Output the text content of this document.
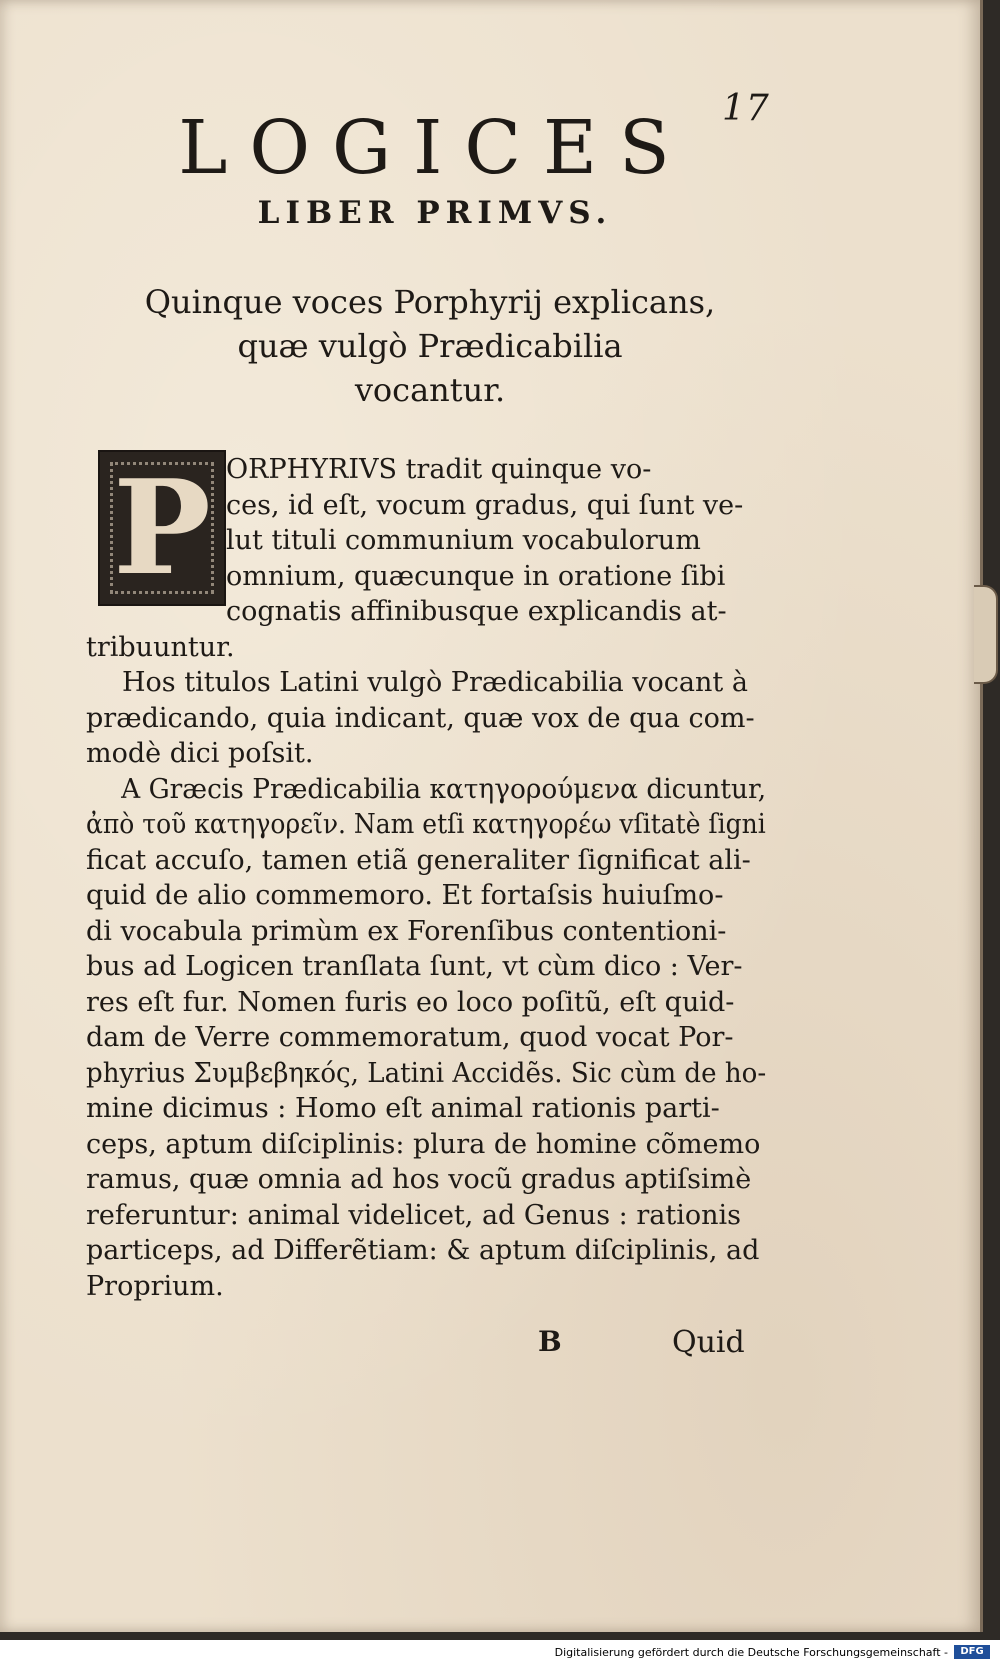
17
LOGICES
LIBER PRIMVS.
Quinque voces Porphyrij explicans,
quæ vulgò Prædicabilia
vocantur.
P ORPHYRIVS tradit quinque vo-
ces, id eſt, vocum gradus, qui ſunt ve-
lut tituli communium vocabulorum
omnium, quæcunque in oratione ſibi
cognatis affinibusque explicandis at-
tribuuntur.
Hos titulos Latini vulgò Prædicabilia vocant à
prædicando, quia indicant, quæ vox de qua com-
modè dici poſsit.
A Græcis Prædicabilia κατηγορούμενα dicuntur,
ἀπὸ τοῦ κατηγορεῖν. Nam etſi κατηγορέω vſitatè ſigni
ficat accuſo, tamen etiã generaliter ſignificat ali-
quid de alio commemoro. Et fortaſsis huiuſmo-
di vocabula primùm ex Forenſibus contentioni-
bus ad Logicen tranſlata ſunt, vt cùm dico : Ver-
res eſt fur. Nomen furis eo loco poſitũ, eſt quid-
dam de Verre commemoratum, quod vocat Por-
phyrius Συμβεβηκός, Latini Accidẽs. Sic cùm de ho-
mine dicimus : Homo eſt animal rationis parti-
ceps, aptum diſciplinis: plura de homine cõmemo
ramus, quæ omnia ad hos vocũ gradus aptiſsimè
referuntur: animal videlicet, ad Genus : rationis
particeps, ad Differẽtiam: & aptum diſciplinis, ad
Proprium.
B	Quid
Digitalisierung gefördert durch die Deutsche Forschungsgemeinschaft -	DFG
